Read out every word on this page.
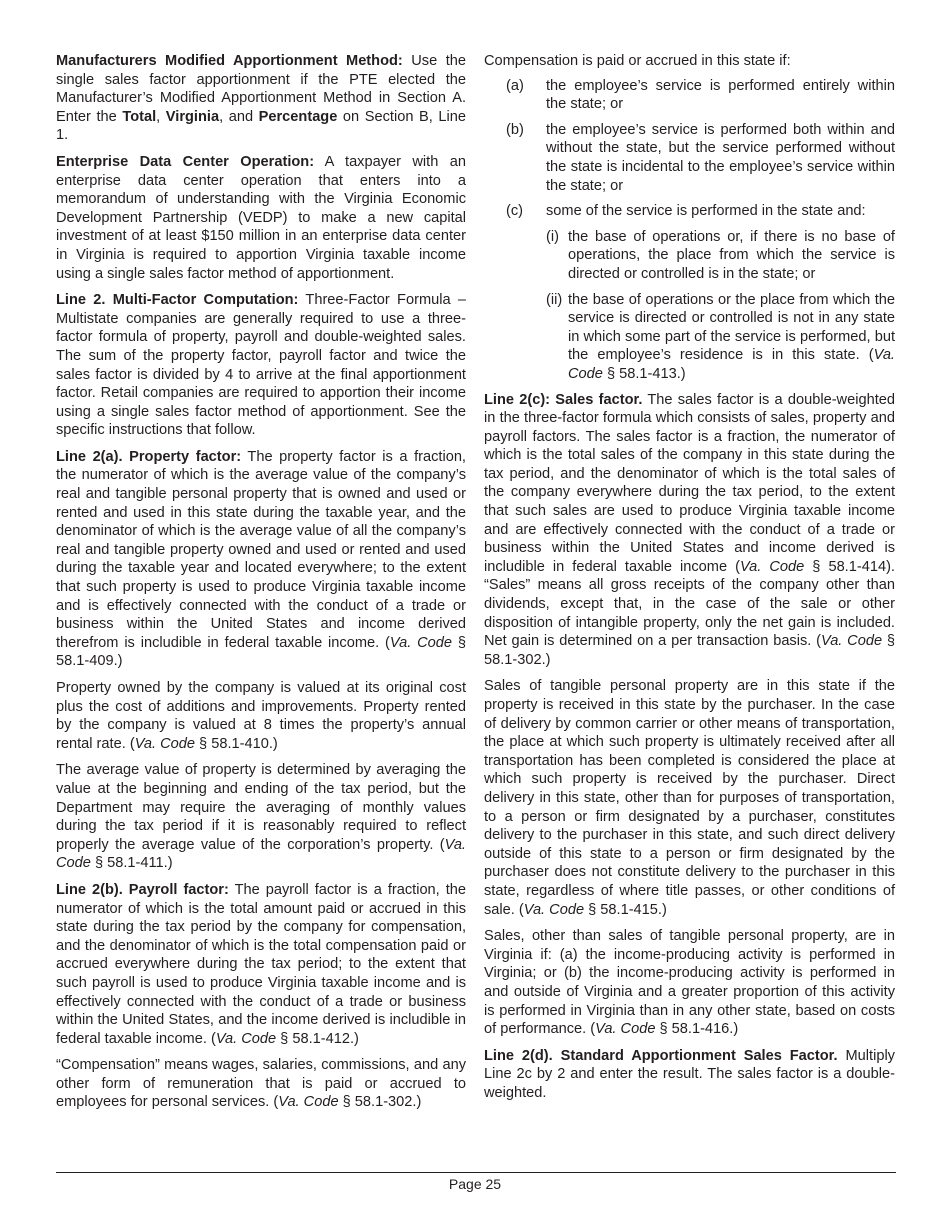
Manufacturers Modified Apportionment Method: Use the single sales factor apportionment if the PTE elected the Manufacturer’s Modified Apportionment Method in Section A. Enter the Total, Virginia, and Percentage on Section B, Line 1.

Enterprise Data Center Operation: A taxpayer with an enterprise data center operation that enters into a memorandum of understanding with the Virginia Economic Development Partnership (VEDP) to make a new capital investment of at least $150 million in an enterprise data center in Virginia is required to apportion Virginia taxable income using a single sales factor method of apportionment.

Line 2. Multi-Factor Computation: Three-Factor Formula – Multistate companies are generally required to use a three-factor formula of property, payroll and double-weighted sales. The sum of the property factor, payroll factor and twice the sales factor is divided by 4 to arrive at the final apportionment factor. Retail companies are required to apportion their income using a single sales factor method of apportionment. See the specific instructions that follow.

Line 2(a). Property factor: The property factor is a fraction, the numerator of which is the average value of the company’s real and tangible personal property that is owned and used or rented and used in this state during the taxable year, and the denominator of which is the average value of all the company’s real and tangible property owned and used or rented and used during the taxable year and located everywhere; to the extent that such property is used to produce Virginia taxable income and is effectively connected with the conduct of a trade or business within the United States and income derived therefrom is includible in federal taxable income. (Va. Code § 58.1-409.)

Property owned by the company is valued at its original cost plus the cost of additions and improvements. Property rented by the company is valued at 8 times the property’s annual rental rate. (Va. Code § 58.1-410.)

The average value of property is determined by averaging the value at the beginning and ending of the tax period, but the Department may require the averaging of monthly values during the tax period if it is reasonably required to reflect properly the average value of the corporation’s property. (Va. Code § 58.1-411.)

Line 2(b). Payroll factor: The payroll factor is a fraction, the numerator of which is the total amount paid or accrued in this state during the tax period by the company for compensation, and the denominator of which is the total compensation paid or accrued everywhere during the tax period; to the extent that such payroll is used to produce Virginia taxable income and is effectively connected with the conduct of a trade or business within the United States, and the income derived is includible in federal taxable income. (Va. Code § 58.1-412.)

“Compensation” means wages, salaries, commissions, and any other form of remuneration that is paid or accrued to employees for personal services. (Va. Code § 58.1-302.)

Compensation is paid or accrued in this state if:

(a)	the employee’s service is performed entirely within the state; or
(b)	the employee’s service is performed both within and without the state, but the service performed without the state is incidental to the employee’s service within the state; or
(c)	some of the service is performed in the state and:
(i) the base of operations or, if there is no base of operations, the place from which the service is directed or controlled is in the state; or
(ii) the base of operations or the place from which the service is directed or controlled is not in any state in which some part of the service is performed, but the employee’s residence is in this state. (Va. Code § 58.1-413.)

Line 2(c): Sales factor. The sales factor is a double-weighted in the three-factor formula which consists of sales, property and payroll factors. The sales factor is a fraction, the numerator of which is the total sales of the company in this state during the tax period, and the denominator of which is the total sales of the company everywhere during the tax period, to the extent that such sales are used to produce Virginia taxable income and are effectively connected with the conduct of a trade or business within the United States and income derived is includible in federal taxable income (Va. Code § 58.1-414). “Sales” means all gross receipts of the company other than dividends, except that, in the case of the sale or other disposition of intangible property, only the net gain is included. Net gain is determined on a per transaction basis. (Va. Code § 58.1-302.)

Sales of tangible personal property are in this state if the property is received in this state by the purchaser. In the case of delivery by common carrier or other means of transportation, the place at which such property is ultimately received after all transportation has been completed is considered the place at which such property is received by the purchaser. Direct delivery in this state, other than for purposes of transportation, to a person or firm designated by a purchaser, constitutes delivery to the purchaser in this state, and such direct delivery outside of this state to a person or firm designated by the purchaser does not constitute delivery to the purchaser in this state, regardless of where title passes, or other conditions of sale. (Va. Code § 58.1-415.)

Sales, other than sales of tangible personal property, are in Virginia if: (a) the income-producing activity is performed in Virginia; or (b) the income-producing activity is performed in and outside of Virginia and a greater proportion of this activity is performed in Virginia than in any other state, based on costs of performance. (Va. Code § 58.1-416.)

Line 2(d). Standard Apportionment Sales Factor. Multiply Line 2c by 2 and enter the result. The sales factor is a double-weighted.

Page 25
